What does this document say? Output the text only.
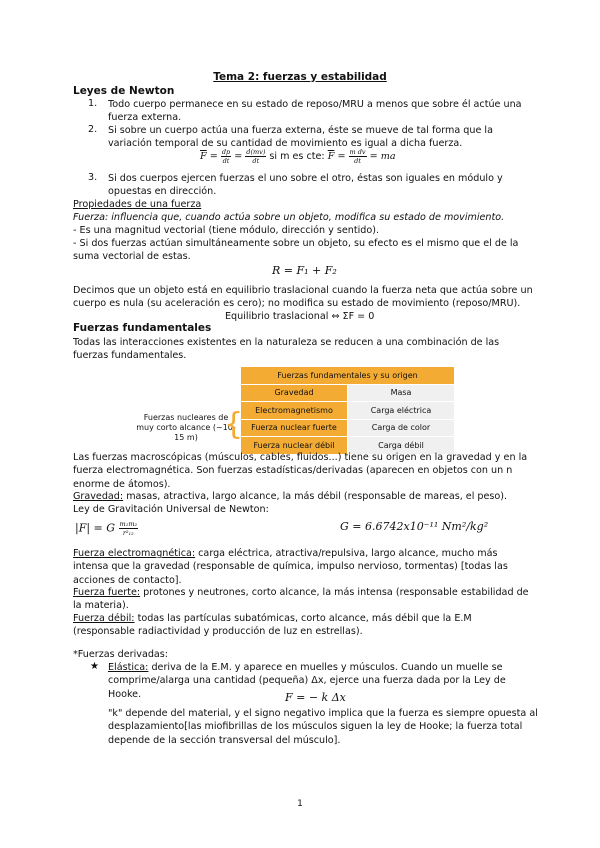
Tema 2: fuerzas y estabilidad
Leyes de Newton
1. Todo cuerpo permanece en su estado de reposo/MRU a menos que sobre él actúe una fuerza externa.
2. Si sobre un cuerpo actúa una fuerza externa, éste se mueve de tal forma que la variación temporal de su cantidad de movimiento es igual a dicha fuerza.
$\overline{F} = \frac{dp}{dt} = \frac{d(mv)}{dt}$ si m es cte: $\overline{F} = \frac{\text{m dv}}{dt}$ = ma
3. Si dos cuerpos ejercen fuerzas el uno sobre el otro, éstas son iguales en módulo y opuestas en dirección.
Propiedades de una fuerza
Fuerza: influencia que, cuando actúa sobre un objeto, modifica su estado de movimiento.
- Es una magnitud vectorial (tiene módulo, dirección y sentido).
- Si dos fuerzas actúan simultáneamente sobre un objeto, su efecto es el mismo que el de la suma vectorial de estas.
R = F₁ + F₂
Decimos que un objeto está en equilibrio traslacional cuando la fuerza neta que actúa sobre un cuerpo es nula (su aceleración es cero); no modifica su estado de movimiento (reposo/MRU).
Equilibrio traslacional ⇔ ΣF = 0
Fuerzas fundamentales
Todas las interacciones existentes en la naturaleza se reducen a una combinación de las fuerzas fundamentales.
Fuerzas fundamentales y su origen	
Gravedad	Masa
Electromagnetismo	Carga eléctrica
Fuerza nuclear fuerte	Carga de color
Fuerza nuclear débil	Carga débil
Fuerzas nucleares de muy corto alcance (~10-15 m) {
Las fuerzas macroscópicas (músculos, cables, fluidos...) tiene su origen en la gravedad y en la fuerza electromagnética. Son fuerzas estadísticas/derivadas (aparecen en objetos con un n enorme de átomos).
Gravedad: masas, atractiva, largo alcance, la más débil (responsable de mareas, el peso).
Ley de Gravitación Universal de Newton:
|F| = G $\frac{\text{m₁m₂}}{\text{r²₁₂}}$	G = 6.6742x10⁻¹¹ Nm²/kg²
Fuerza electromagnética: carga eléctrica, atractiva/repulsiva, largo alcance, mucho más intensa que la gravedad (responsable de química, impulso nervioso, tormentas) [todas las acciones de contacto].
Fuerza fuerte: protones y neutrones, corto alcance, la más intensa (responsable estabilidad de la materia).
Fuerza débil: todas las partículas subatómicas, corto alcance, más débil que la E.M (responsable radiactividad y producción de luz en estrellas).
*Fuerzas derivadas:
★ Elástica: deriva de la E.M. y aparece en muelles y músculos. Cuando un muelle se comprime/alarga una cantidad (pequeña) Δx, ejerce una fuerza dada por la Ley de Hooke.	F = − k Δx
"k" depende del material, y el signo negativo implica que la fuerza es siempre opuesta al desplazamiento[las miofibrillas de los músculos siguen la ley de Hooke; la fuerza total depende de la sección transversal del músculo].
1
